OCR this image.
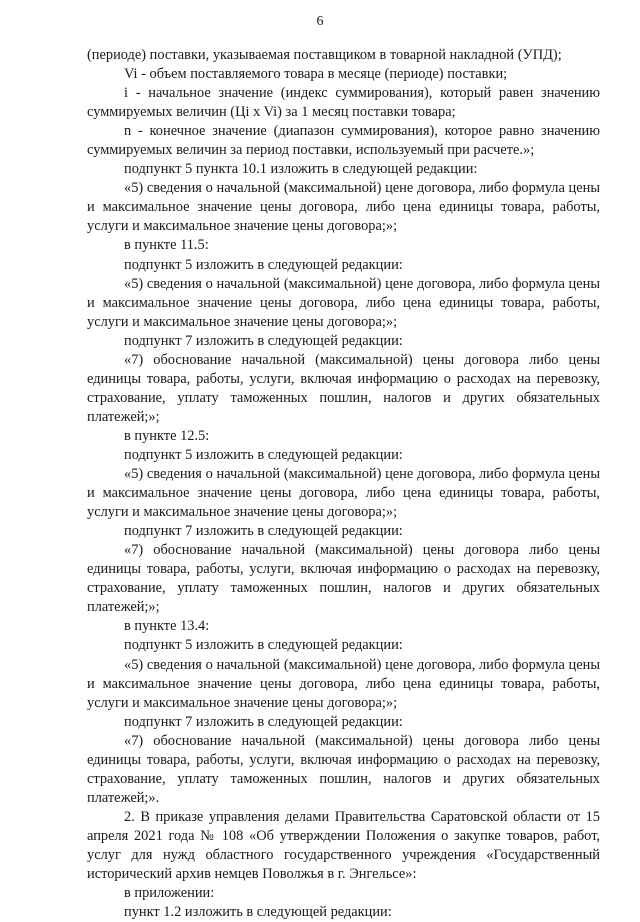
6

(периоде) поставки, указываемая поставщиком в товарной накладной (УПД);

Vi - объем поставляемого товара в месяце (периоде) поставки;

i - начальное значение (индекс суммирования), который равен значению суммируемых величин (Цi x Vi) за 1 месяц поставки товара;

n - конечное значение (диапазон суммирования), которое равно значению суммируемых величин за период поставки, используемый при расчете.»;

подпункт 5 пункта 10.1 изложить в следующей редакции:

«5) сведения о начальной (максимальной) цене договора, либо формула цены и максимальное значение цены договора, либо цена единицы товара, работы, услуги и максимальное значение цены договора;»;

в пункте 11.5:

подпункт 5 изложить в следующей редакции:

«5) сведения о начальной (максимальной) цене договора, либо формула цены и максимальное значение цены договора, либо цена единицы товара, работы, услуги и максимальное значение цены договора;»;

подпункт 7 изложить в следующей редакции:

«7) обоснование начальной (максимальной) цены договора либо цены единицы товара, работы, услуги, включая информацию о расходах на перевозку, страхование, уплату таможенных пошлин, налогов и других обязательных платежей;»;

в пункте 12.5:

подпункт 5 изложить в следующей редакции:

«5) сведения о начальной (максимальной) цене договора, либо формула цены и максимальное значение цены договора, либо цена единицы товара, работы, услуги и максимальное значение цены договора;»;

подпункт 7 изложить в следующей редакции:

«7) обоснование начальной (максимальной) цены договора либо цены единицы товара, работы, услуги, включая информацию о расходах на перевозку, страхование, уплату таможенных пошлин, налогов и других обязательных платежей;»;

в пункте 13.4:

подпункт 5 изложить в следующей редакции:

«5) сведения о начальной (максимальной) цене договора, либо формула цены и максимальное значение цены договора, либо цена единицы товара, работы, услуги и максимальное значение цены договора;»;

подпункт 7 изложить в следующей редакции:

«7) обоснование начальной (максимальной) цены договора либо цены единицы товара, работы, услуги, включая информацию о расходах на перевозку, страхование, уплату таможенных пошлин, налогов и других обязательных платежей;».

2. В приказе управления делами Правительства Саратовской области от 15 апреля 2021 года № 108 «Об утверждении Положения о закупке товаров, работ, услуг для нужд областного государственного учреждения «Государственный исторический архив немцев Поволжья в г. Энгельсе»:

в приложении:

пункт 1.2 изложить в следующей редакции:
